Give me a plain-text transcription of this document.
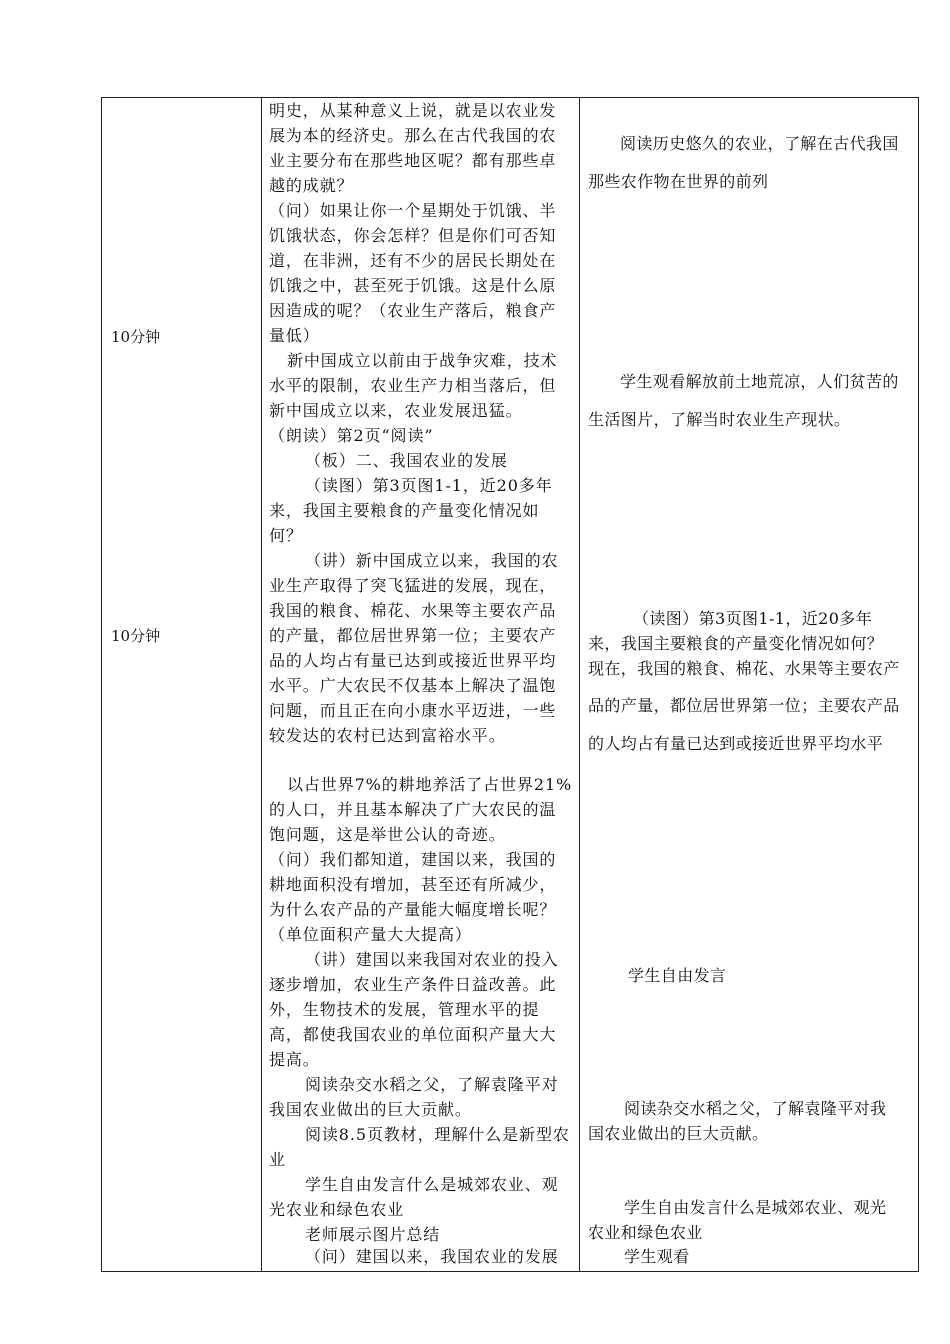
10分钟
10分钟
明史，从某种意义上说，就是以农业发
展为本的经济史。那么在古代我国的农
业主要分布在那些地区呢？都有那些卓
越的成就？
（问）如果让你一个星期处于饥饿、半
饥饿状态，你会怎样？但是你们可否知
道，在非洲，还有不少的居民长期处在
饥饿之中，甚至死于饥饿。这是什么原
因造成的呢？（农业生产落后，粮食产
量低）
新中国成立以前由于战争灾难，技术
水平的限制，农业生产力相当落后，但
新中国成立以来，农业发展迅猛。
（朗读）第2页“阅读”
（板）二、我国农业的发展
（读图）第3页图1-1，近20多年
来，我国主要粮食的产量变化情况如
何？
（讲）新中国成立以来，我国的农
业生产取得了突飞猛进的发展，现在，
我国的粮食、棉花、水果等主要农产品
的产量，都位居世界第一位；主要农产
品的人均占有量已达到或接近世界平均
水平。广大农民不仅基本上解决了温饱
问题，而且正在向小康水平迈进，一些
较发达的农村已达到富裕水平。
以占世界7%的耕地养活了占世界21%
的人口，并且基本解决了广大农民的温
饱问题，这是举世公认的奇迹。
（问）我们都知道，建国以来，我国的
耕地面积没有增加，甚至还有所减少，
为什么农产品的产量能大幅度增长呢？
（单位面积产量大大提高）
（讲）建国以来我国对农业的投入
逐步增加，农业生产条件日益改善。此
外，生物技术的发展，管理水平的提
高，都使我国农业的单位面积产量大大
提高。
阅读杂交水稻之父，了解袁隆平对
我国农业做出的巨大贡献。
阅读8.5页教材，理解什么是新型农
业
学生自由发言什么是城郊农业、观
光农业和绿色农业
老师展示图片总结
（问）建国以来，我国农业的发展
阅读历史悠久的农业，了解在古代我国
那些农作物在世界的前列
学生观看解放前土地荒凉，人们贫苦的
生活图片，了解当时农业生产现状。
（读图）第3页图1-1，近20多年
来，我国主要粮食的产量变化情况如何？
现在，我国的粮食、棉花、水果等主要农产
品的产量，都位居世界第一位；主要农产品
的人均占有量已达到或接近世界平均水平
学生自由发言
阅读杂交水稻之父，了解袁隆平对我
国农业做出的巨大贡献。
学生自由发言什么是城郊农业、观光
农业和绿色农业
学生观看
